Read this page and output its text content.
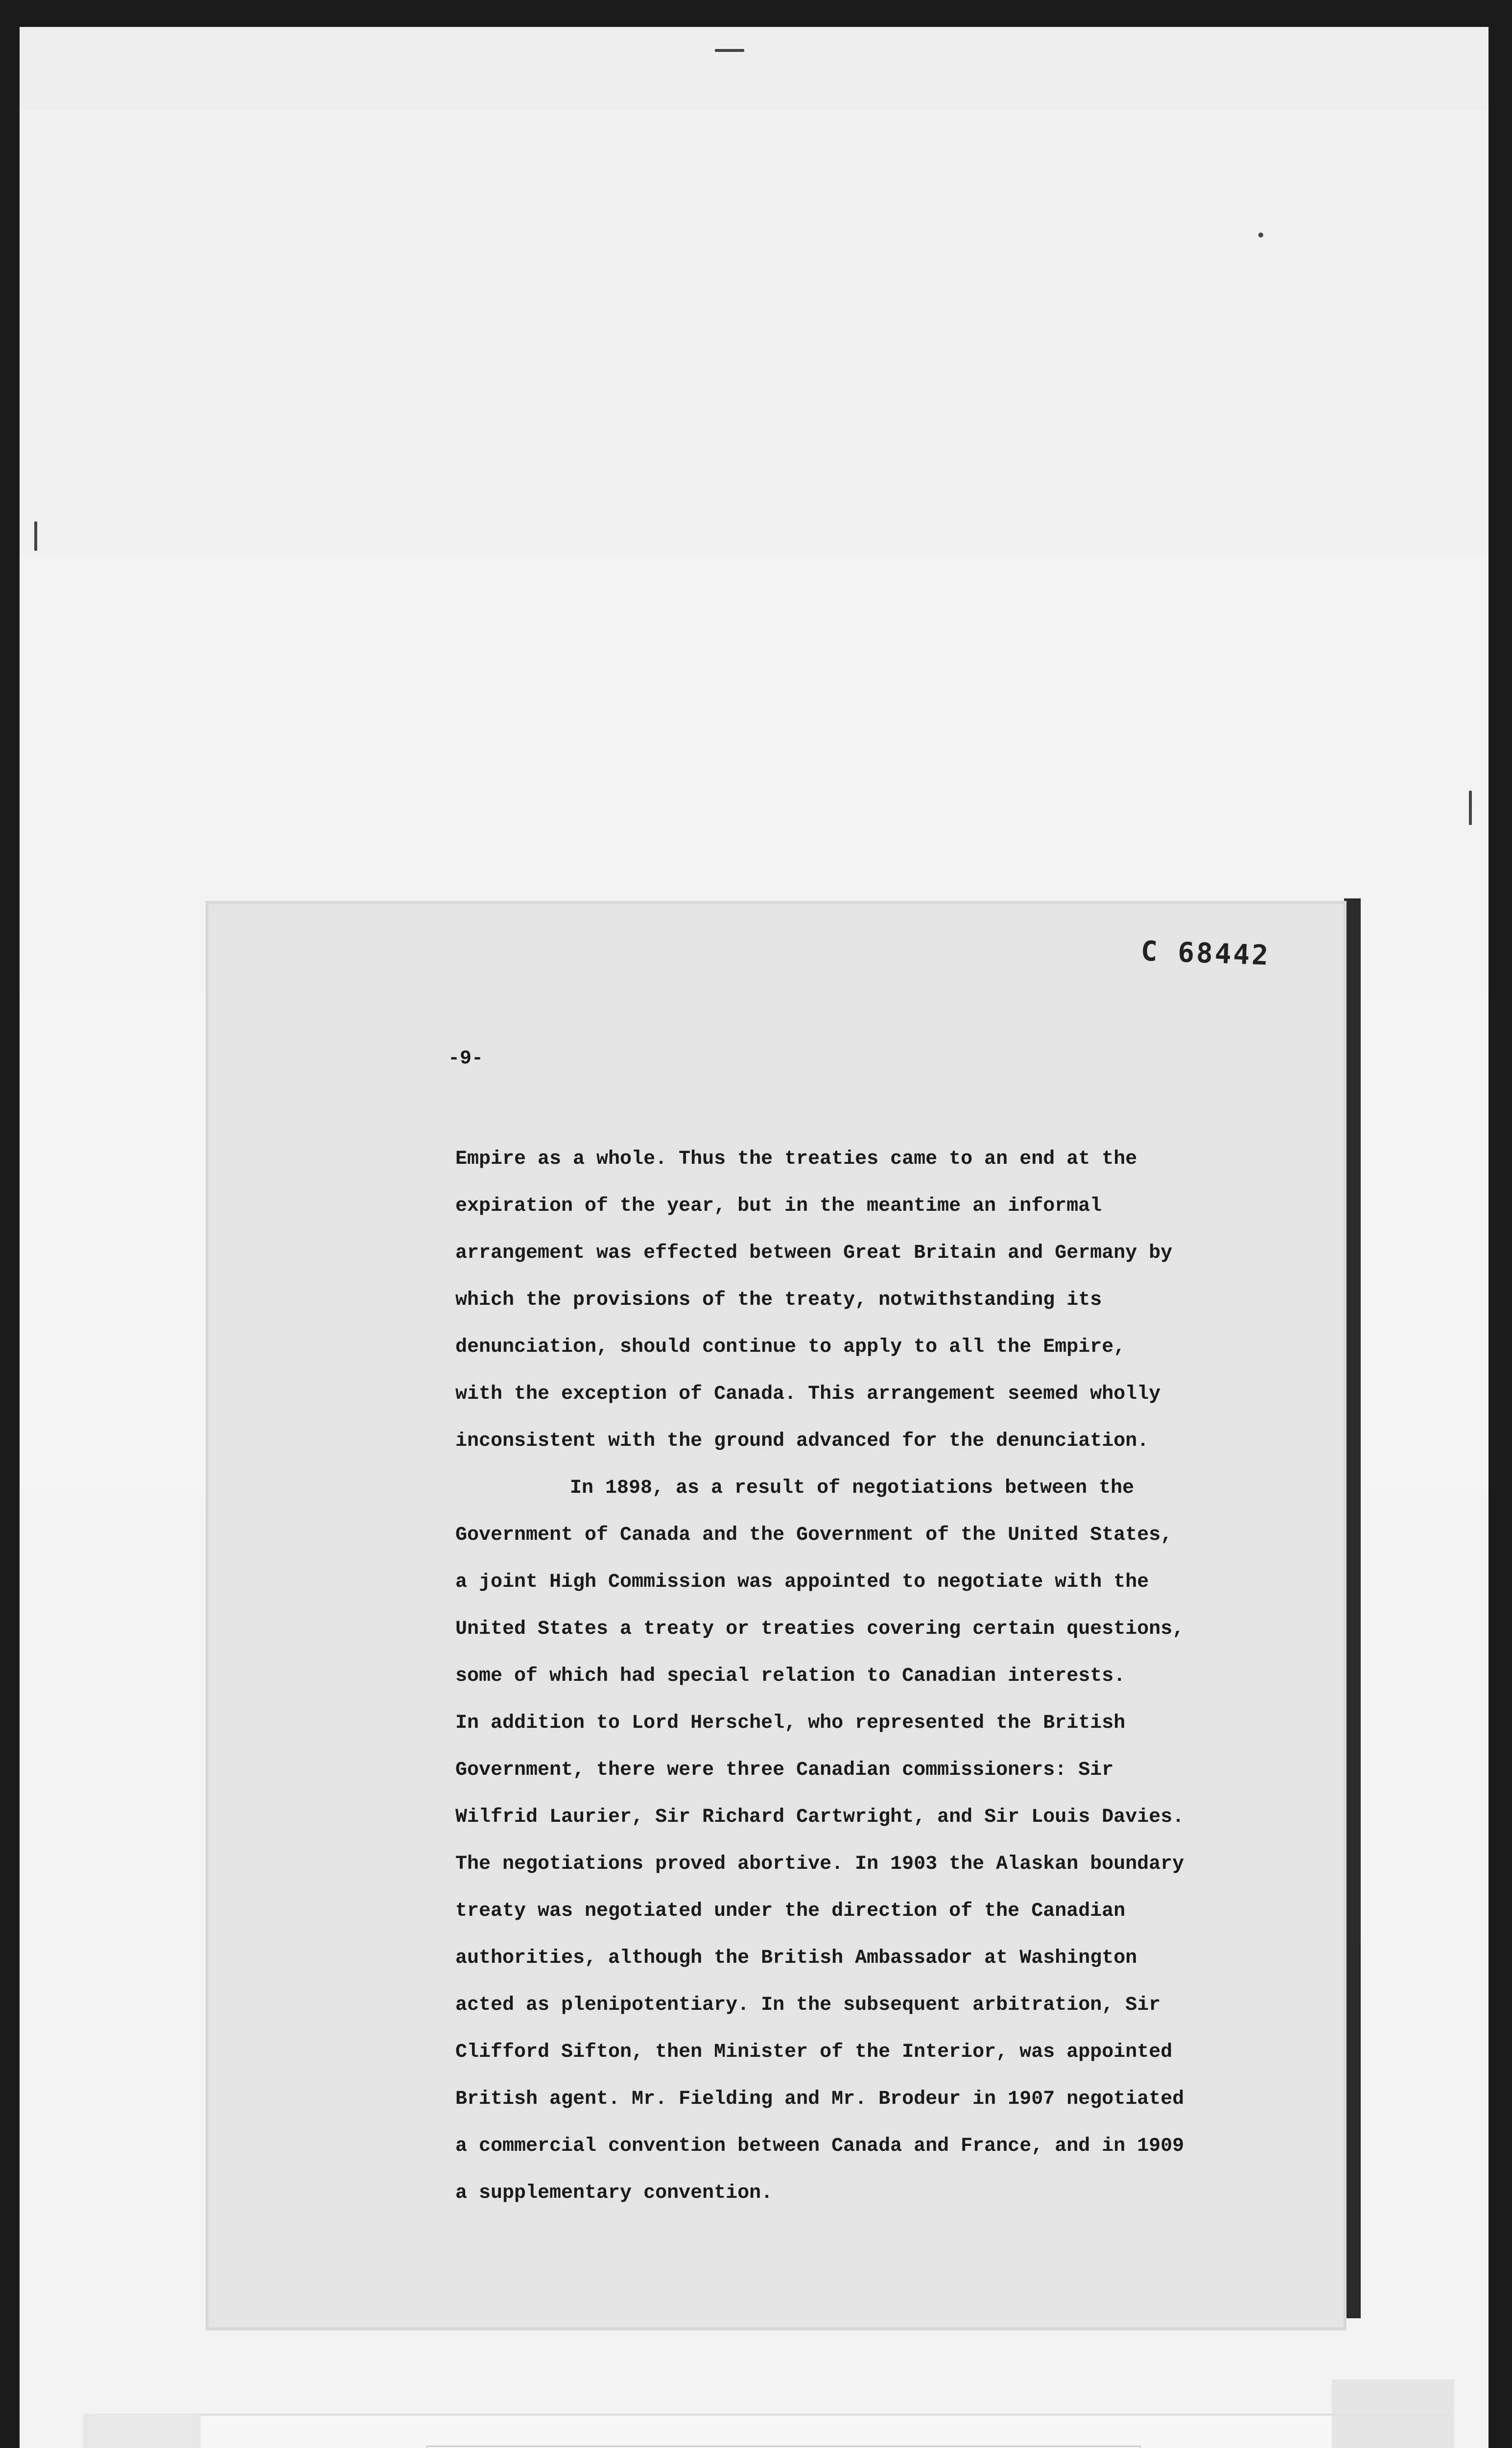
C 68442
-9-

Empire as a whole. Thus the treaties came to an end at the
expiration of the year, but in the meantime an informal
arrangement was effected between Great Britain and Germany by
which the provisions of the treaty, notwithstanding its
denunciation, should continue to apply to all the Empire,
with the exception of Canada. This arrangement seemed wholly
inconsistent with the ground advanced for the denunciation.

In 1898, as a result of negotiations between the
Government of Canada and the Government of the United States,
a joint High Commission was appointed to negotiate with the
United States a treaty or treaties covering certain questions,
some of which had special relation to Canadian interests.
In addition to Lord Herschel, who represented the British
Government, there were three Canadian commissioners: Sir
Wilfrid Laurier, Sir Richard Cartwright, and Sir Louis Davies.
The negotiations proved abortive. In 1903 the Alaskan boundary
treaty was negotiated under the direction of the Canadian
authorities, although the British Ambassador at Washington
acted as plenipotentiary. In the subsequent arbitration, Sir
Clifford Sifton, then Minister of the Interior, was appointed
British agent. Mr. Fielding and Mr. Brodeur in 1907 negotiated
a commercial convention between Canada and France, and in 1909
a supplementary convention.
